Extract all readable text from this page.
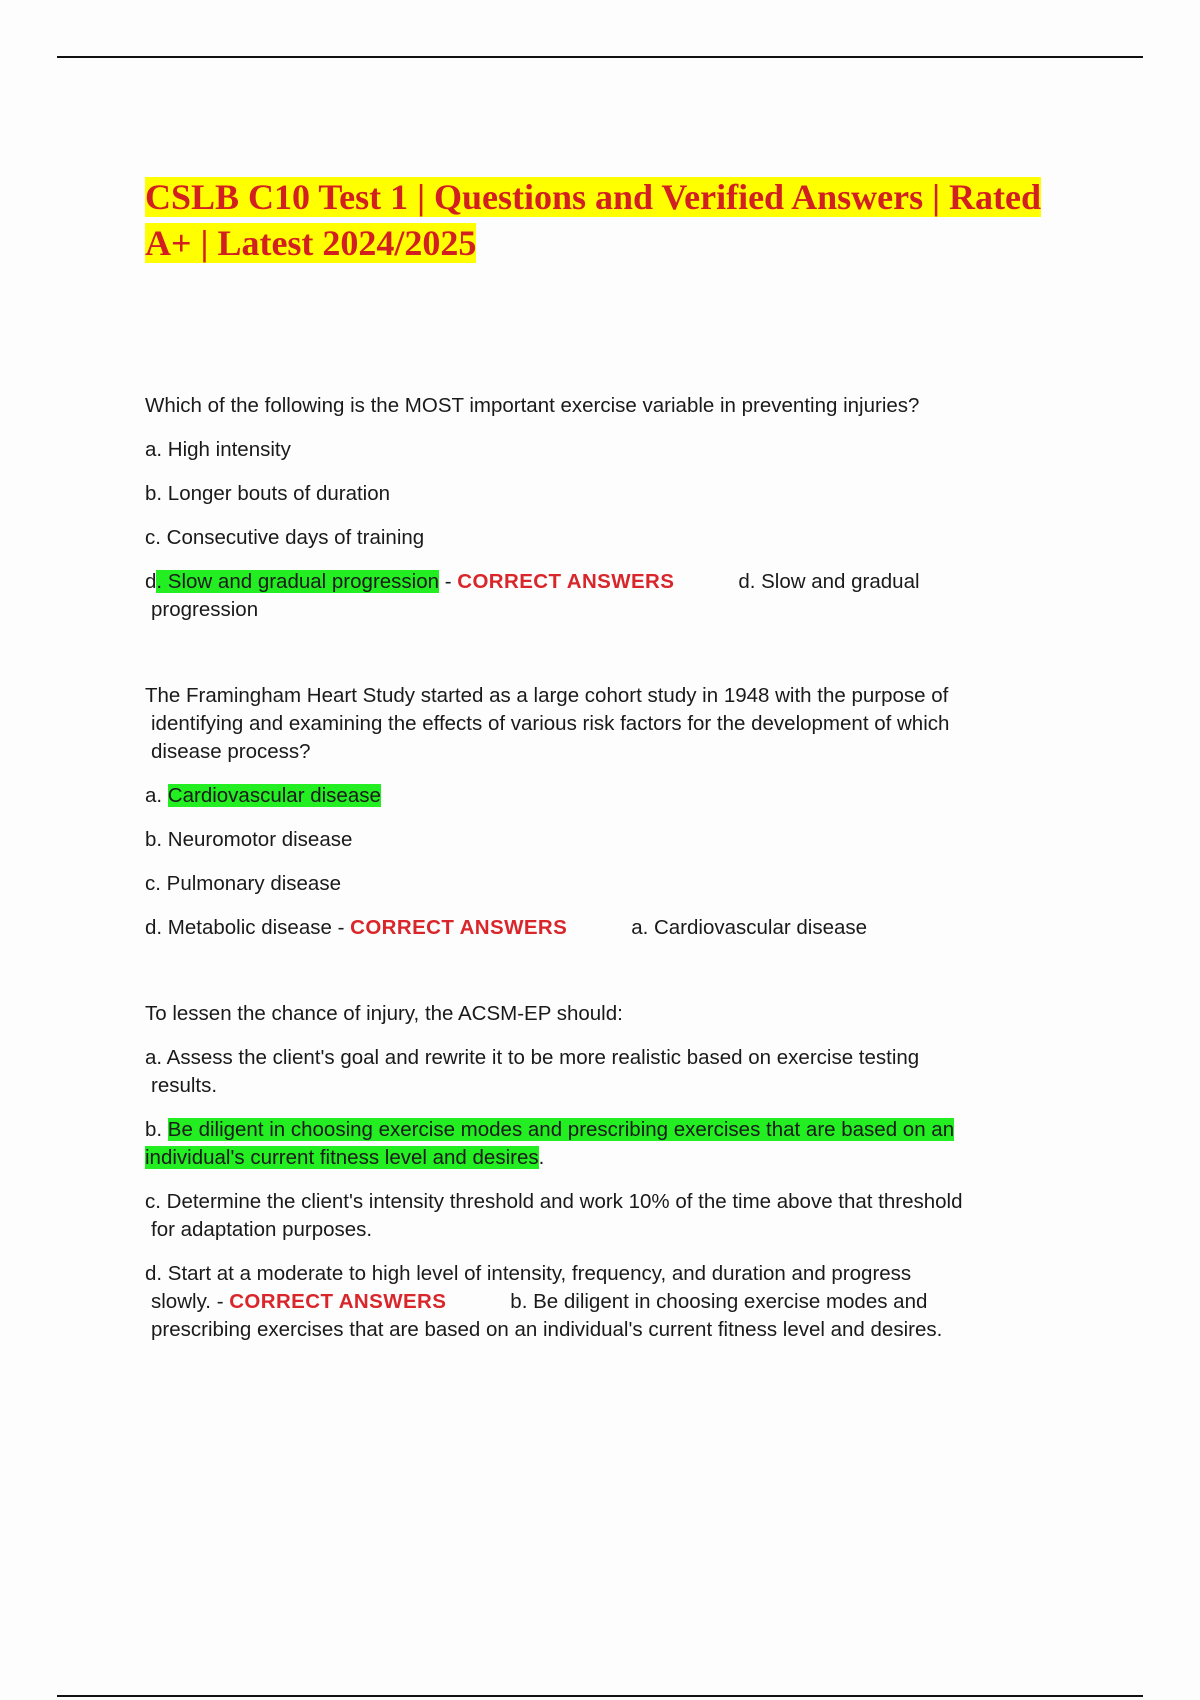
CSLB C10 Test 1 | Questions and Verified Answers | Rated A+ | Latest 2024/2025
Which of the following is the MOST important exercise variable in preventing injuries?
a. High intensity
b. Longer bouts of duration
c. Consecutive days of training
d. Slow and gradual progression - CORRECT ANSWERS	d. Slow and gradual
progression
The Framingham Heart Study started as a large cohort study in 1948 with the purpose of
identifying and examining the effects of various risk factors for the development of which
disease process?
a. Cardiovascular disease
b. Neuromotor disease
c. Pulmonary disease
d. Metabolic disease - CORRECT ANSWERS	a. Cardiovascular disease
To lessen the chance of injury, the ACSM-EP should:
a. Assess the client's goal and rewrite it to be more realistic based on exercise testing
results.
b. Be diligent in choosing exercise modes and prescribing exercises that are based on an
individual's current fitness level and desires.
c. Determine the client's intensity threshold and work 10% of the time above that threshold
for adaptation purposes.
d. Start at a moderate to high level of intensity, frequency, and duration and progress
slowly. - CORRECT ANSWERS	b. Be diligent in choosing exercise modes and
prescribing exercises that are based on an individual's current fitness level and desires.
